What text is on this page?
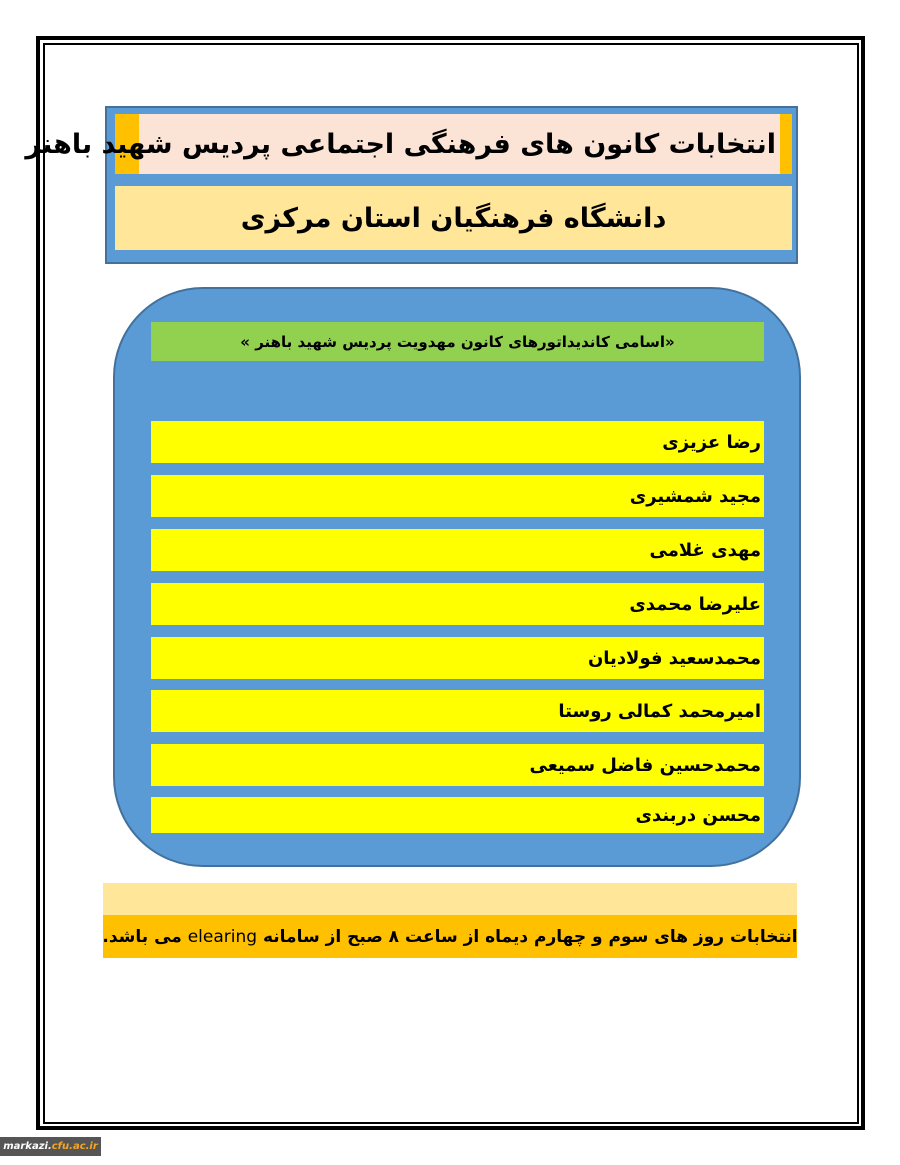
انتخابات کانون های فرهنگی اجتماعی پردیس شهید باهنر
دانشگاه فرهنگیان استان مرکزی
«اسامی کاندیداتورهای کانون مهدویت پردیس شهید باهنر »
رضا عزیزی
مجید شمشیری
مهدی غلامی
علیرضا محمدی
محمدسعید فولادیان
امیرمحمد کمالی روستا
محمدحسین فاضل سمیعی
محسن دربندی
انتخابات روز های سوم و چهارم دیماه از ساعت ۸ صبح از سامانه elearing می باشد.
markazi. cfu.ac.ir
